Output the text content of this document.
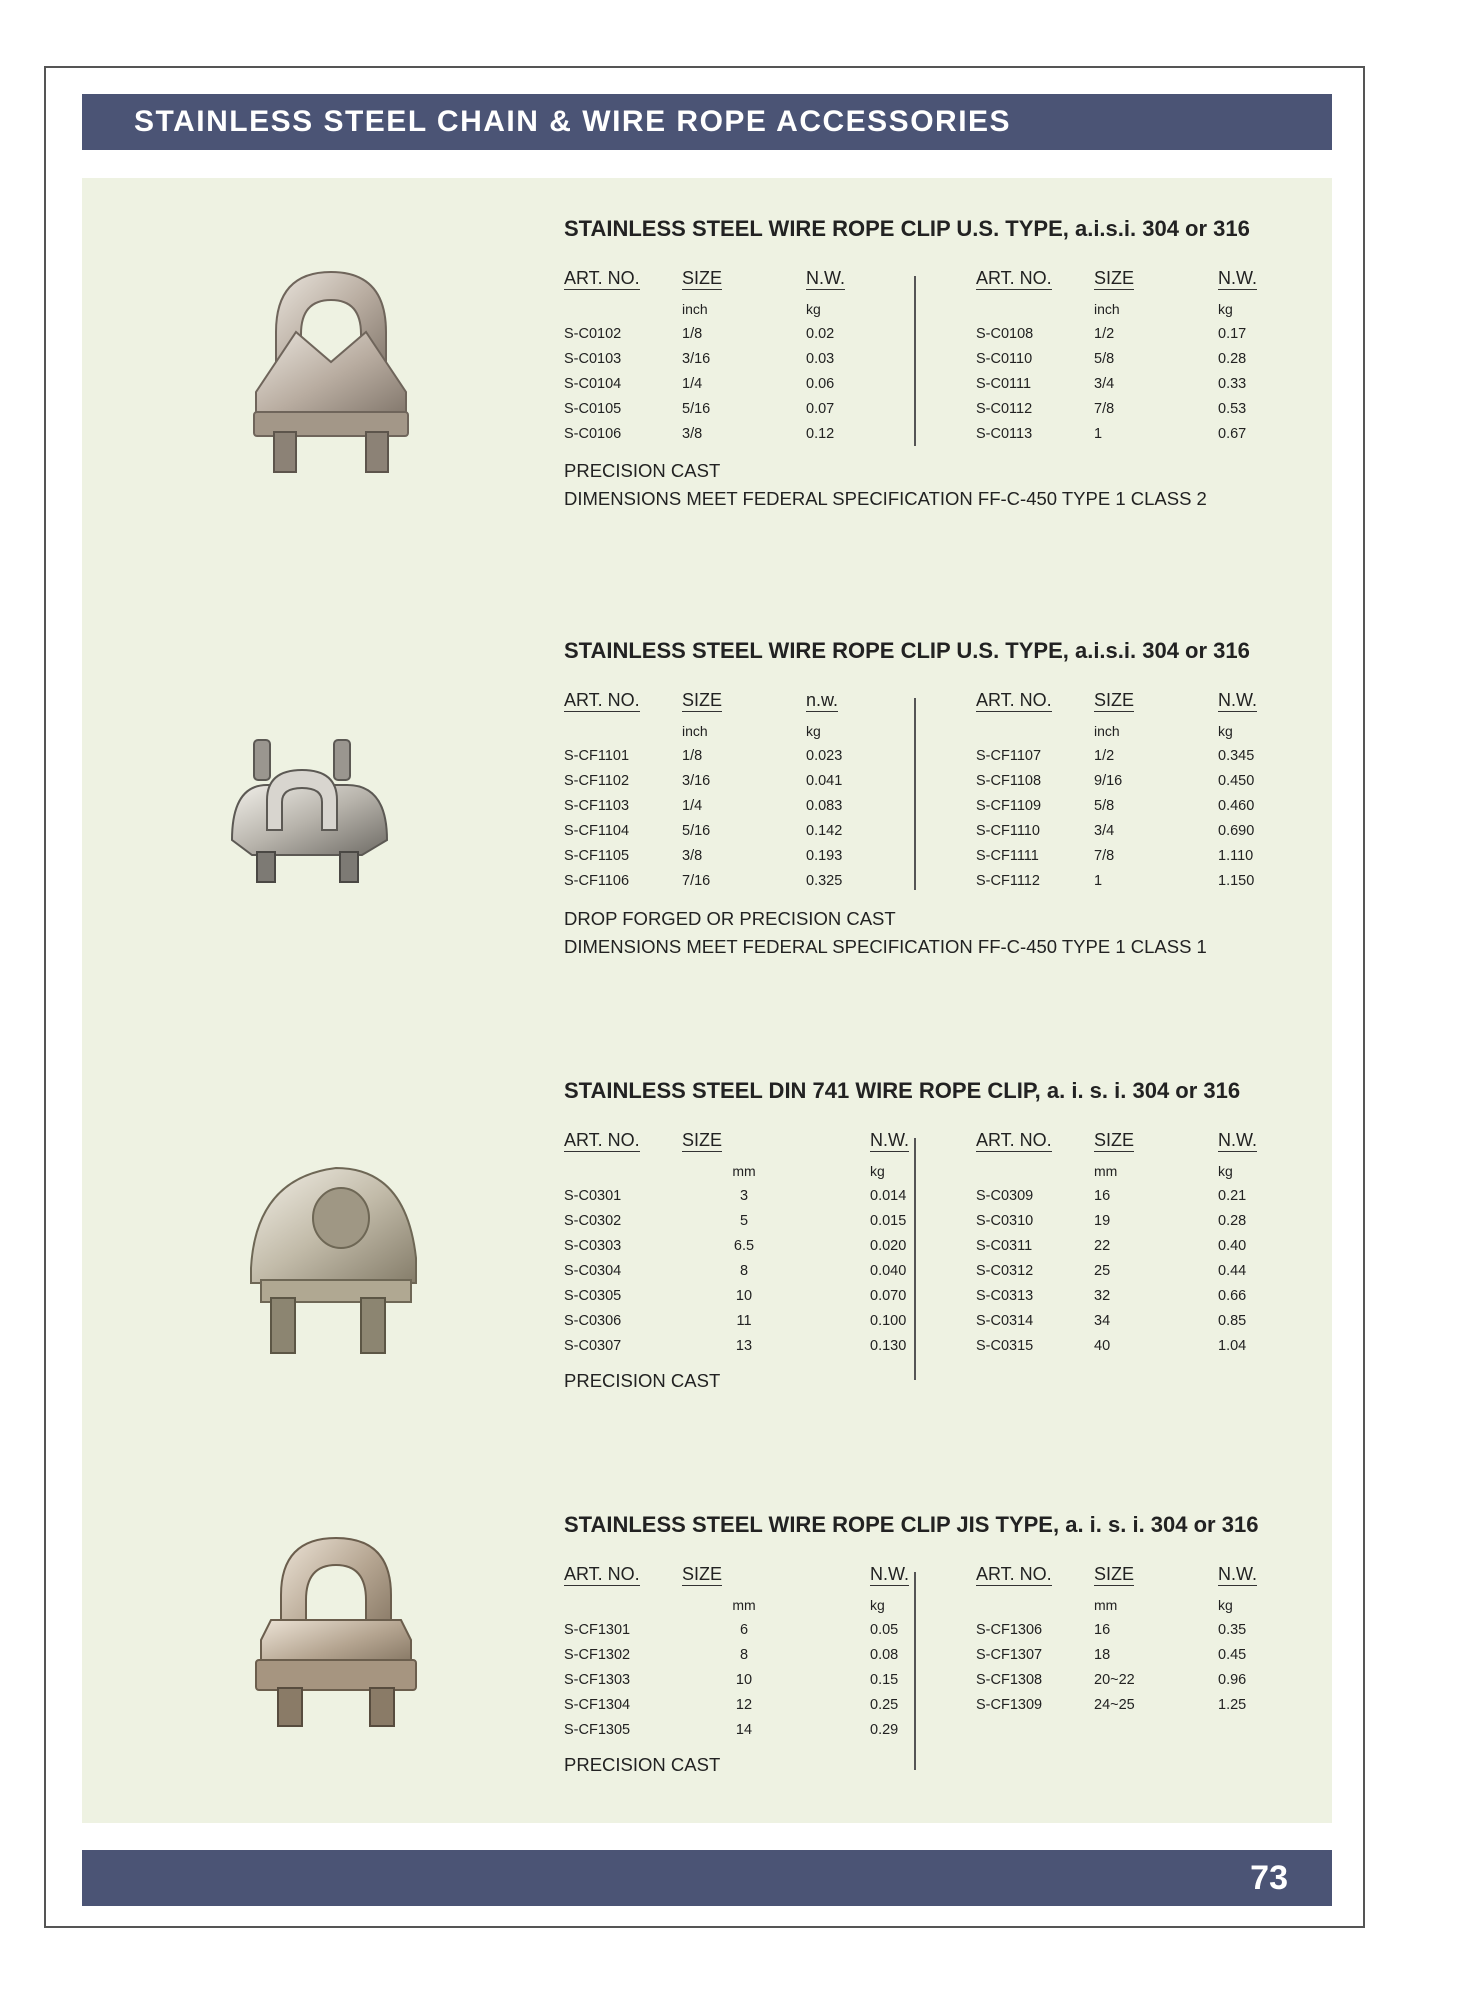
STAINLESS STEEL CHAIN & WIRE ROPE ACCESSORIES
STAINLESS STEEL WIRE ROPE CLIP U.S. TYPE, a.i.s.i. 304 or 316
ART. NO.	SIZE	N.W.
	inch	kg
S-C0102	1/8	0.02
S-C0103	3/16	0.03
S-C0104	1/4	0.06
S-C0105	5/16	0.07
S-C0106	3/8	0.12
ART. NO.	SIZE	N.W.
	inch	kg
S-C0108	1/2	0.17
S-C0110	5/8	0.28
S-C0111	3/4	0.33
S-C0112	7/8	0.53
S-C0113	1	0.67
PRECISION CAST
DIMENSIONS MEET FEDERAL SPECIFICATION FF-C-450 TYPE 1 CLASS 2
STAINLESS STEEL WIRE ROPE CLIP U.S. TYPE, a.i.s.i. 304 or 316
ART. NO.	SIZE	n.w.
	inch	kg
S-CF1101	1/8	0.023
S-CF1102	3/16	0.041
S-CF1103	1/4	0.083
S-CF1104	5/16	0.142
S-CF1105	3/8	0.193
S-CF1106	7/16	0.325
ART. NO.	SIZE	N.W.
	inch	kg
S-CF1107	1/2	0.345
S-CF1108	9/16	0.450
S-CF1109	5/8	0.460
S-CF1110	3/4	0.690
S-CF1111	7/8	1.110
S-CF1112	1	1.150
DROP FORGED OR PRECISION CAST
DIMENSIONS MEET FEDERAL SPECIFICATION FF-C-450 TYPE 1 CLASS 1
STAINLESS STEEL DIN 741 WIRE ROPE CLIP, a. i. s. i. 304 or 316
ART. NO.	SIZE	N.W.
	mm	kg
S-C0301	3	0.014
S-C0302	5	0.015
S-C0303	6.5	0.020
S-C0304	8	0.040
S-C0305	10	0.070
S-C0306	11	0.100
S-C0307	13	0.130
ART. NO.	SIZE	N.W.
	mm	kg
S-C0309	16	0.21
S-C0310	19	0.28
S-C0311	22	0.40
S-C0312	25	0.44
S-C0313	32	0.66
S-C0314	34	0.85
S-C0315	40	1.04
PRECISION CAST
STAINLESS STEEL WIRE ROPE CLIP JIS TYPE, a. i. s. i. 304 or 316
ART. NO.	SIZE	N.W.
	mm	kg
S-CF1301	6	0.05
S-CF1302	8	0.08
S-CF1303	10	0.15
S-CF1304	12	0.25
S-CF1305	14	0.29
ART. NO.	SIZE	N.W.
	mm	kg
S-CF1306	16	0.35
S-CF1307	18	0.45
S-CF1308	20~22	0.96
S-CF1309	24~25	1.25
PRECISION CAST
73
